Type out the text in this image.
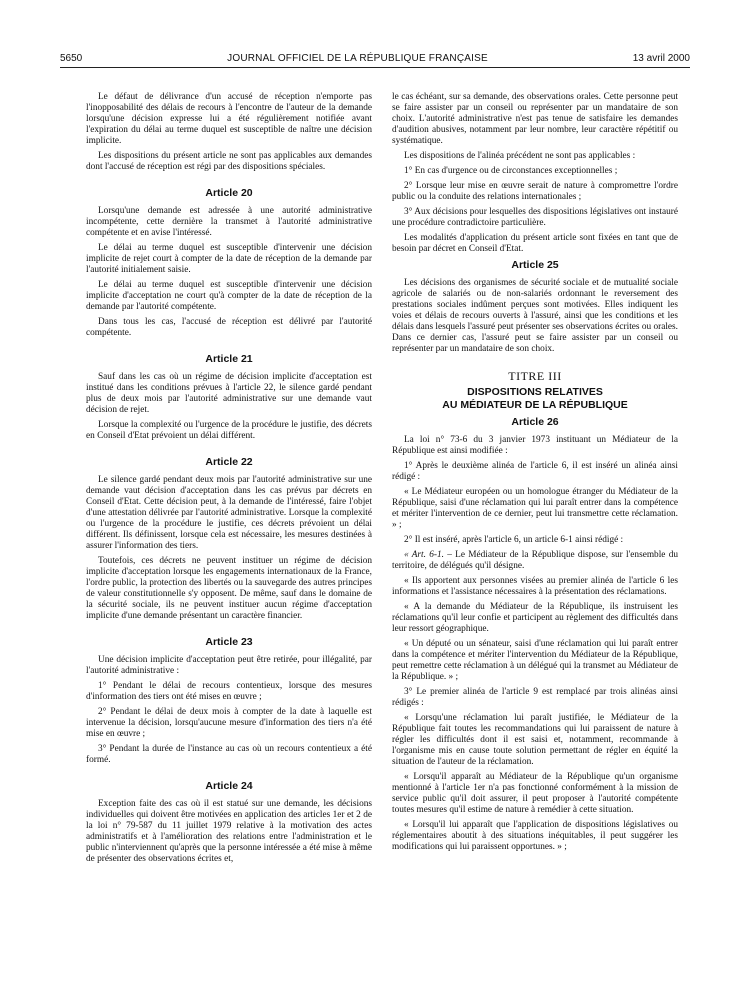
5650	JOURNAL OFFICIEL DE LA RÉPUBLIQUE FRANÇAISE	13 avril 2000

Le défaut de délivrance d'un accusé de réception n'emporte pas l'inopposabilité des délais de recours à l'encontre de l'auteur de la demande lorsqu'une décision expresse lui a été régulièrement notifiée avant l'expiration du délai au terme duquel est susceptible de naître une décision implicite.

Les dispositions du présent article ne sont pas applicables aux demandes dont l'accusé de réception est régi par des dispositions spéciales.

Article 20

Lorsqu'une demande est adressée à une autorité administrative incompétente, cette dernière la transmet à l'autorité administrative compétente et en avise l'intéressé.

Le délai au terme duquel est susceptible d'intervenir une décision implicite de rejet court à compter de la date de réception de la demande par l'autorité initialement saisie.

Le délai au terme duquel est susceptible d'intervenir une décision implicite d'acceptation ne court qu'à compter de la date de réception de la demande par l'autorité compétente.

Dans tous les cas, l'accusé de réception est délivré par l'autorité compétente.

Article 21

Sauf dans les cas où un régime de décision implicite d'acceptation est institué dans les conditions prévues à l'article 22, le silence gardé pendant plus de deux mois par l'autorité administrative sur une demande vaut décision de rejet.

Lorsque la complexité ou l'urgence de la procédure le justifie, des décrets en Conseil d'Etat prévoient un délai différent.

Article 22

Le silence gardé pendant deux mois par l'autorité administrative sur une demande vaut décision d'acceptation dans les cas prévus par décrets en Conseil d'Etat. Cette décision peut, à la demande de l'intéressé, faire l'objet d'une attestation délivrée par l'autorité administrative. Lorsque la complexité ou l'urgence de la procédure le justifie, ces décrets prévoient un délai différent. Ils définissent, lorsque cela est nécessaire, les mesures destinées à assurer l'information des tiers.

Toutefois, ces décrets ne peuvent instituer un régime de décision implicite d'acceptation lorsque les engagements internationaux de la France, l'ordre public, la protection des libertés ou la sauvegarde des autres principes de valeur constitutionnelle s'y opposent. De même, sauf dans le domaine de la sécurité sociale, ils ne peuvent instituer aucun régime d'acceptation implicite d'une demande présentant un caractère financier.

Article 23

Une décision implicite d'acceptation peut être retirée, pour illégalité, par l'autorité administrative :

1° Pendant le délai de recours contentieux, lorsque des mesures d'information des tiers ont été mises en œuvre ;

2° Pendant le délai de deux mois à compter de la date à laquelle est intervenue la décision, lorsqu'aucune mesure d'information des tiers n'a été mise en œuvre ;

3° Pendant la durée de l'instance au cas où un recours contentieux a été formé.

Article 24

Exception faite des cas où il est statué sur une demande, les décisions individuelles qui doivent être motivées en application des articles 1er et 2 de la loi n° 79-587 du 11 juillet 1979 relative à la motivation des actes administratifs et à l'amélioration des relations entre l'administration et le public n'interviennent qu'après que la personne intéressée a été mise à même de présenter des observations écrites et,

le cas échéant, sur sa demande, des observations orales. Cette personne peut se faire assister par un conseil ou représenter par un mandataire de son choix. L'autorité administrative n'est pas tenue de satisfaire les demandes d'audition abusives, notamment par leur nombre, leur caractère répétitif ou systématique.

Les dispositions de l'alinéa précédent ne sont pas applicables :

1° En cas d'urgence ou de circonstances exceptionnelles ;

2° Lorsque leur mise en œuvre serait de nature à compromettre l'ordre public ou la conduite des relations internationales ;

3° Aux décisions pour lesquelles des dispositions législatives ont instauré une procédure contradictoire particulière.

Les modalités d'application du présent article sont fixées en tant que de besoin par décret en Conseil d'Etat.

Article 25

Les décisions des organismes de sécurité sociale et de mutualité sociale agricole de salariés ou de non-salariés ordonnant le reversement des prestations sociales indûment perçues sont motivées. Elles indiquent les voies et délais de recours ouverts à l'assuré, ainsi que les conditions et les délais dans lesquels l'assuré peut présenter ses observations écrites ou orales. Dans ce dernier cas, l'assuré peut se faire assister par un conseil ou représenter par un mandataire de son choix.

TITRE III
DISPOSITIONS RELATIVES
AU MÉDIATEUR DE LA RÉPUBLIQUE
Article 26

La loi n° 73-6 du 3 janvier 1973 instituant un Médiateur de la République est ainsi modifiée :

1° Après le deuxième alinéa de l'article 6, il est inséré un alinéa ainsi rédigé :

« Le Médiateur européen ou un homologue étranger du Médiateur de la République, saisi d'une réclamation qui lui paraît entrer dans la compétence et mériter l'intervention de ce dernier, peut lui transmettre cette réclamation. » ;

2° Il est inséré, après l'article 6, un article 6-1 ainsi rédigé :

« Art. 6-1. – Le Médiateur de la République dispose, sur l'ensemble du territoire, de délégués qu'il désigne.

« Ils apportent aux personnes visées au premier alinéa de l'article 6 les informations et l'assistance nécessaires à la présentation des réclamations.

« A la demande du Médiateur de la République, ils instruisent les réclamations qu'il leur confie et participent au règlement des difficultés dans leur ressort géographique.

« Un député ou un sénateur, saisi d'une réclamation qui lui paraît entrer dans la compétence et mériter l'intervention du Médiateur de la République, peut remettre cette réclamation à un délégué qui la transmet au Médiateur de la République. » ;

3° Le premier alinéa de l'article 9 est remplacé par trois alinéas ainsi rédigés :

« Lorsqu'une réclamation lui paraît justifiée, le Médiateur de la République fait toutes les recommandations qui lui paraissent de nature à régler les difficultés dont il est saisi et, notamment, recommande à l'organisme mis en cause toute solution permettant de régler en équité la situation de l'auteur de la réclamation.

« Lorsqu'il apparaît au Médiateur de la République qu'un organisme mentionné à l'article 1er n'a pas fonctionné conformément à la mission de service public qu'il doit assurer, il peut proposer à l'autorité compétente toutes mesures qu'il estime de nature à remédier à cette situation.

« Lorsqu'il lui apparaît que l'application de dispositions législatives ou réglementaires aboutit à des situations inéquitables, il peut suggérer les modifications qui lui paraissent opportunes. » ;
